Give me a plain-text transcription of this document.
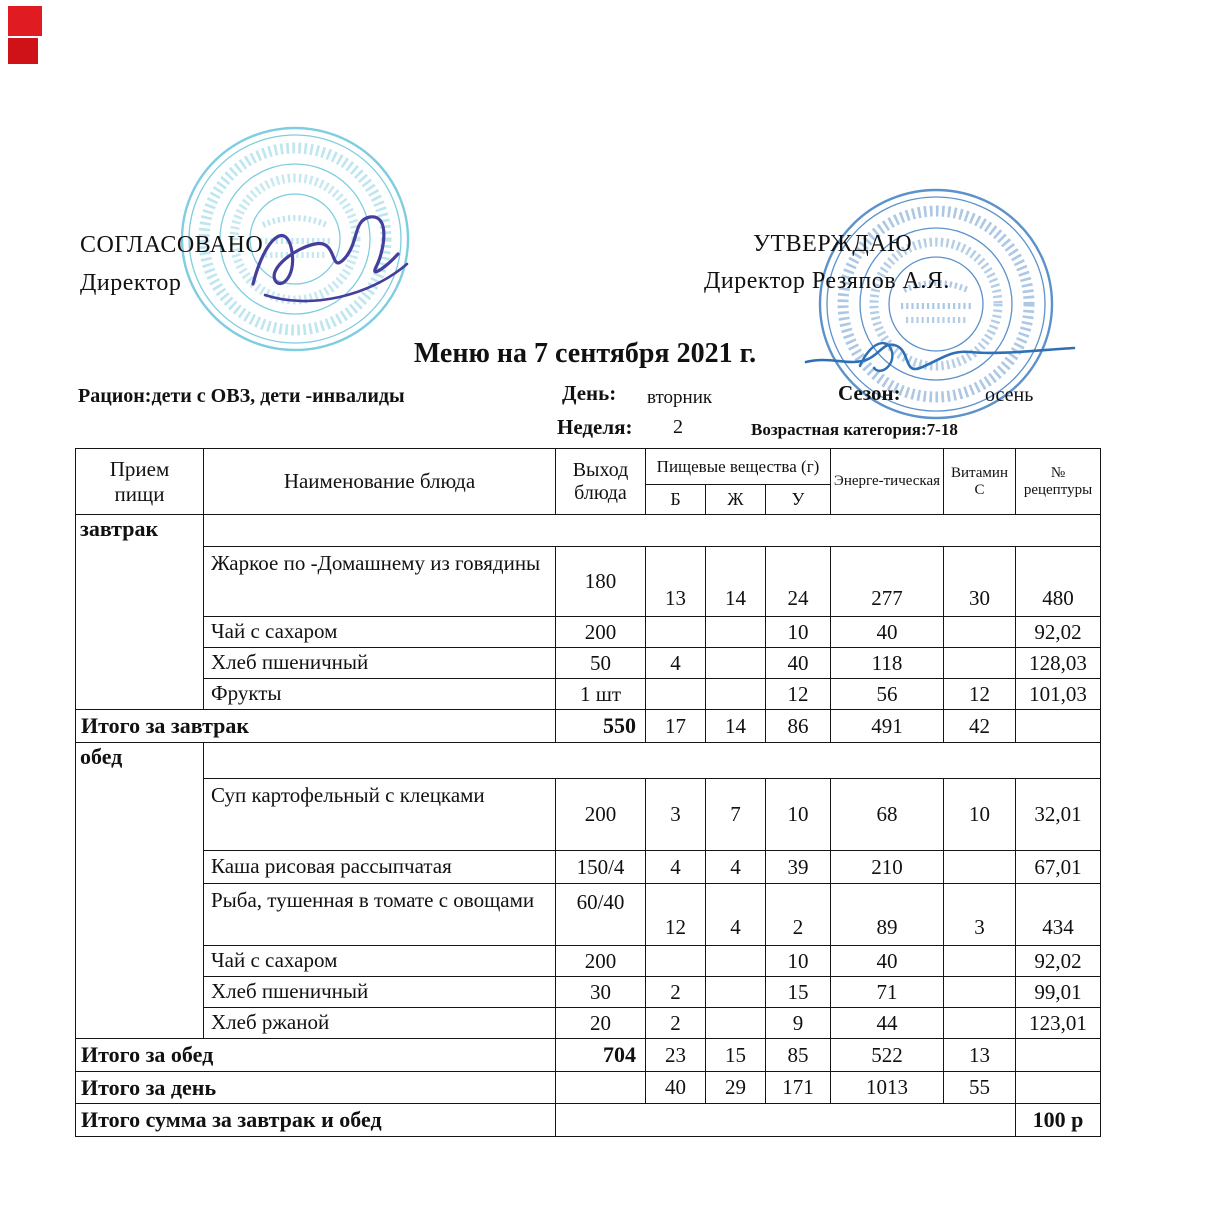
СОГЛАСОВАНО
Директор
УТВЕРЖДАЮ
Директор Резяпов А.Я.
Меню на 7 сентября 2021 г.
Рацион:дети с ОВЗ, дети -инвалиды	День: вторник	Сезон:	осень
Неделя: 2	Возрастная категория:7-18
Прием пищи	Наименование блюда	Выход блюда	Пищевые вещества (г)			Энерге-тическая	Витамин С	№ рецептуры
			Б	Ж	У			
завтрак								
	Жаркое по -Домашнему из говядины	180	13	14	24	277	30	480
	Чай с сахаром	200			10	40		92,02
	Хлеб пшеничный	50	4		40	118		128,03
	Фрукты	1 шт			12	56	12	101,03
Итого за завтрак		550	17	14	86	491	42	
обед								
	Суп картофельный с клецками	200	3	7	10	68	10	32,01
	Каша рисовая рассыпчатая	150/4	4	4	39	210		67,01
	Рыба, тушенная в томате с овощами	60/40	12	4	2	89	3	434
	Чай с сахаром	200			10	40		92,02
	Хлеб пшеничный	30	2		15	71		99,01
	Хлеб ржаной	20	2		9	44		123,01
Итого за обед		704	23	15	85	522	13	
Итого за день			40	29	171	1013	55	
Итого сумма за завтрак и обед								100 р
